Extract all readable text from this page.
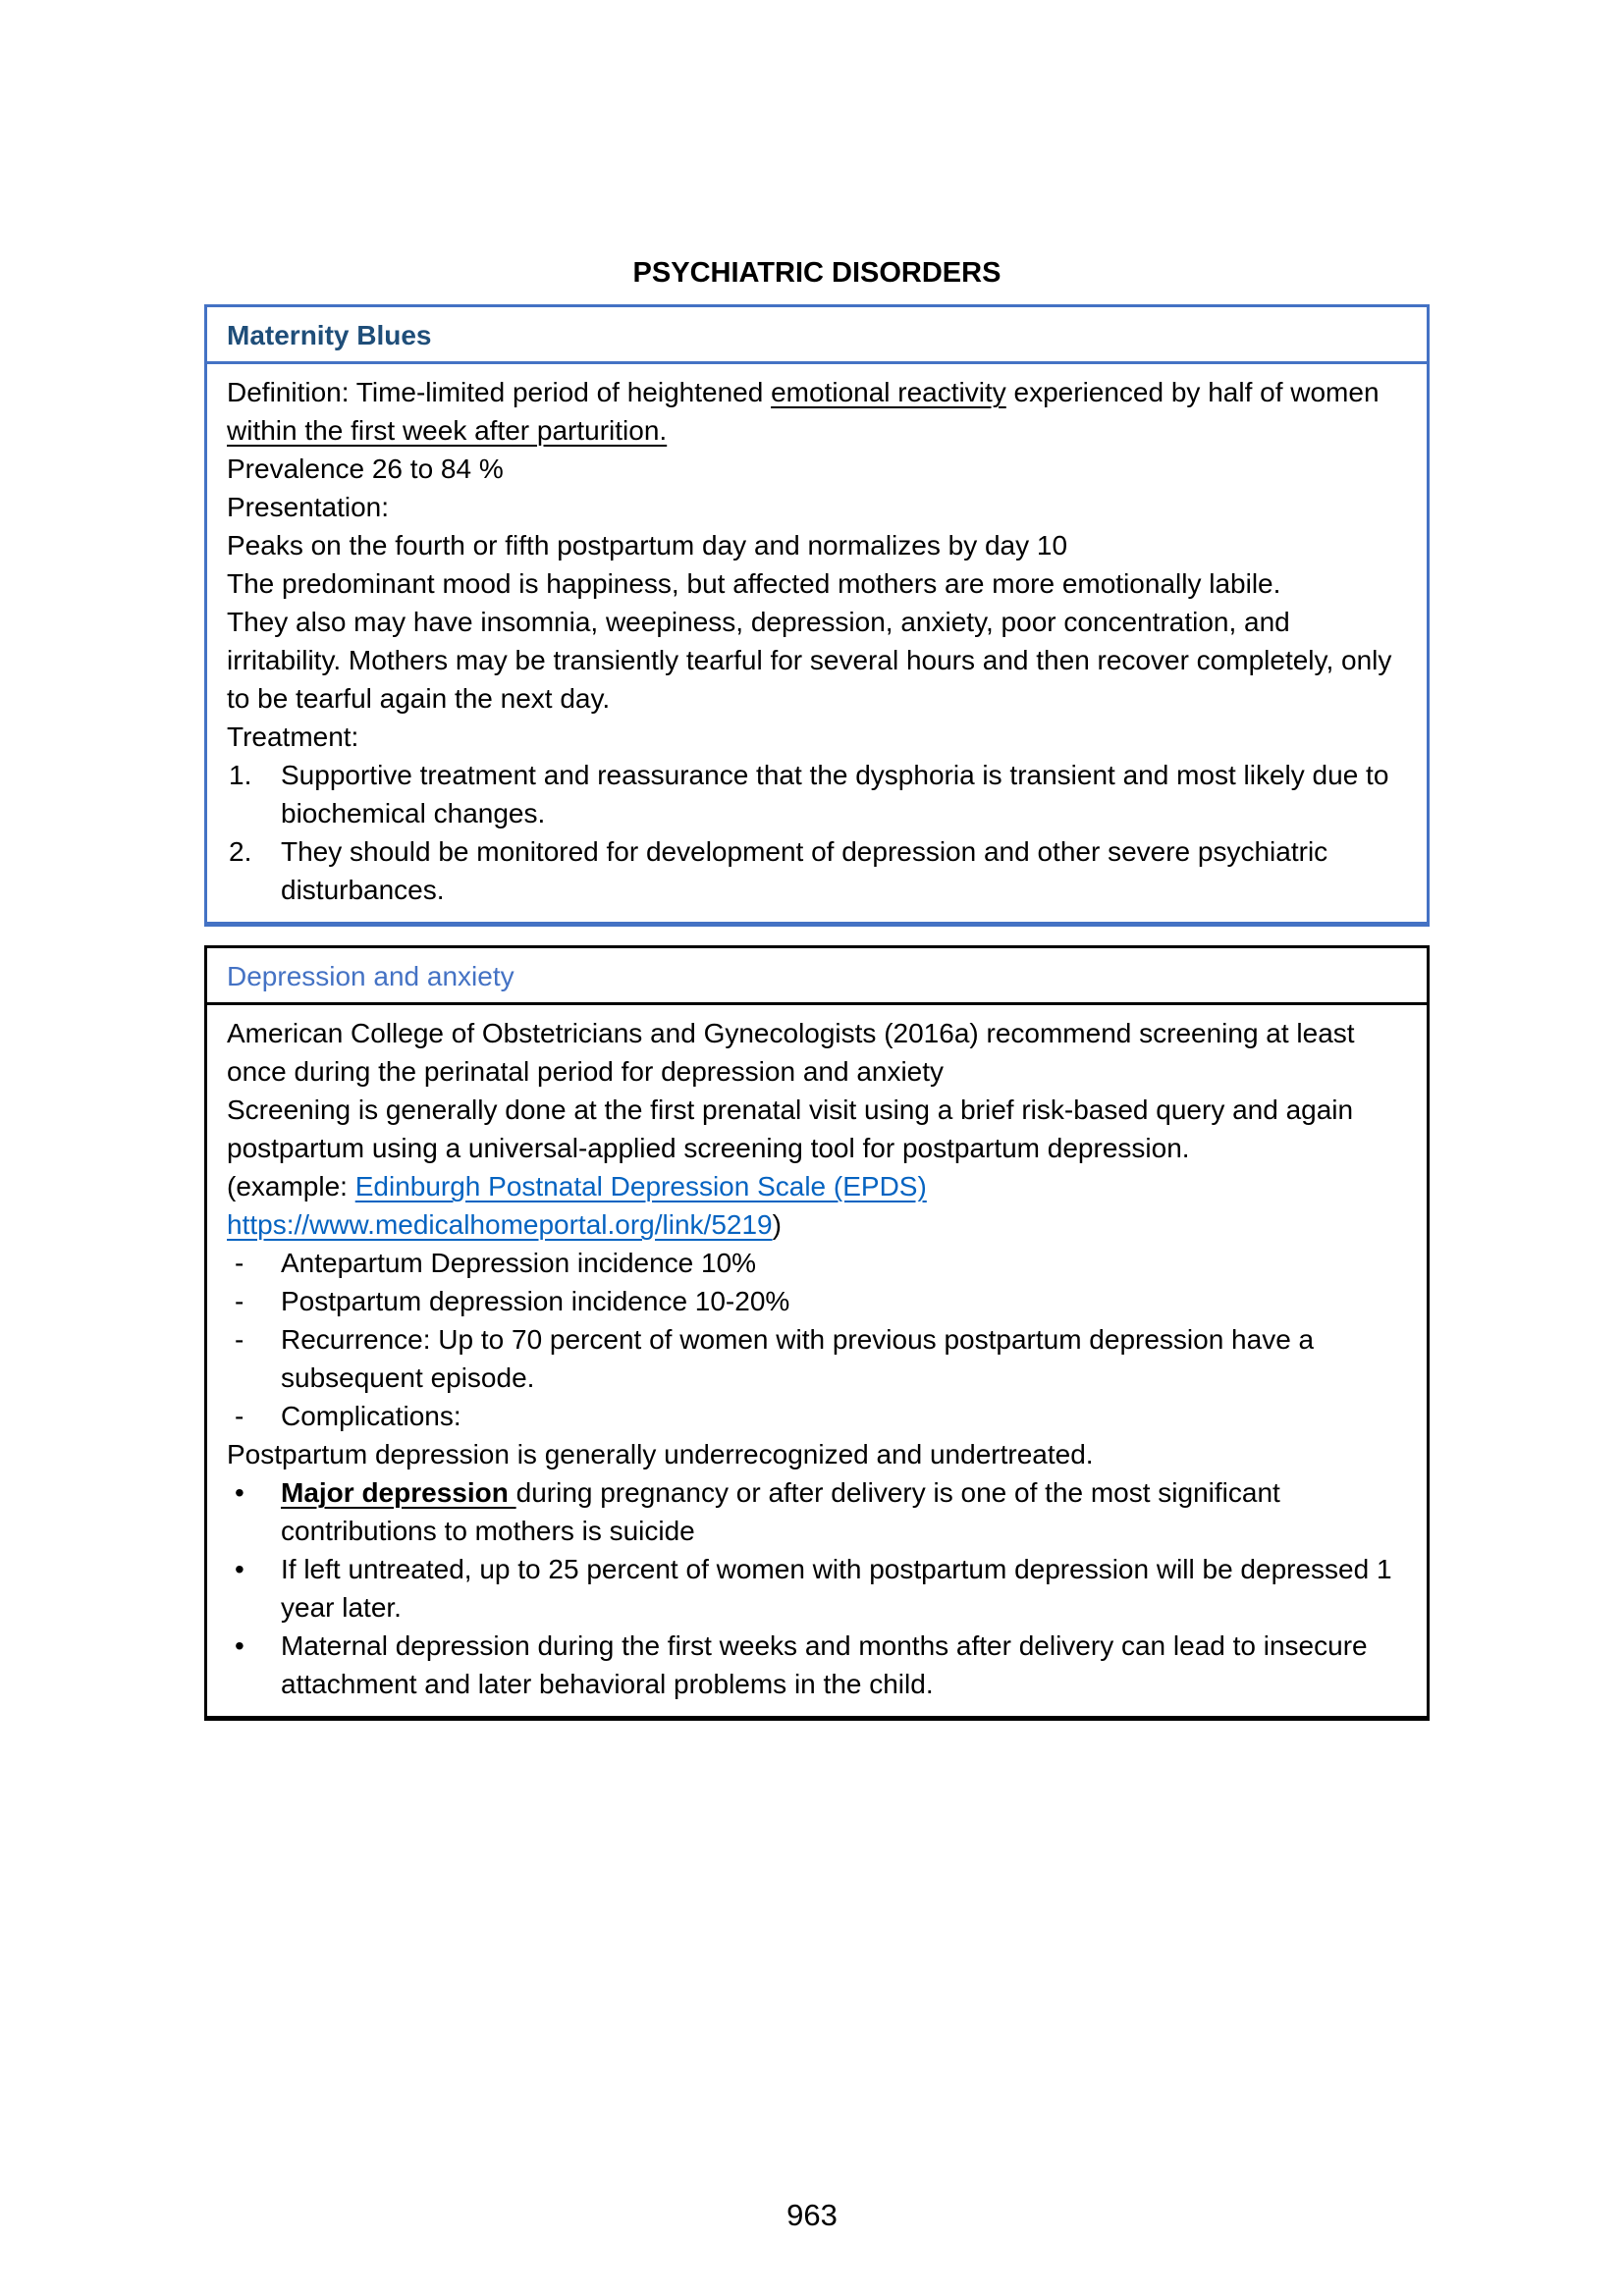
PSYCHIATRIC DISORDERS
Maternity Blues

Definition: Time-limited period of heightened emotional reactivity experienced by half of women within the first week after parturition.

Prevalence 26 to 84 %

Presentation:

Peaks on the fourth or fifth postpartum day and normalizes by day 10

The predominant mood is happiness, but affected mothers are more emotionally labile.

They also may have insomnia, weepiness, depression, anxiety, poor concentration, and irritability. Mothers may be transiently tearful for several hours and then recover completely, only to be tearful again the next day.

Treatment:

Supportive treatment and reassurance that the dysphoria is transient and most likely due to biochemical changes.
They should be monitored for development of depression and other severe psychiatric disturbances.
Depression and anxiety

American College of Obstetricians and Gynecologists (2016a) recommend screening at least once during the perinatal period for depression and anxiety

Screening is generally done at the first prenatal visit using a brief risk-based query and again postpartum using a universal-applied screening tool for postpartum depression.

(example: Edinburgh Postnatal Depression Scale (EPDS) https://www.medicalhomeportal.org/link/5219)

- Antepartum Depression incidence 10%
- Postpartum depression incidence 10-20%
- Recurrence: Up to 70 percent of women with previous postpartum depression have a subsequent episode.
- Complications:

Postpartum depression is generally underrecognized and undertreated.

• Major depression during pregnancy or after delivery is one of the most significant contributions to mothers is suicide
• If left untreated, up to 25 percent of women with postpartum depression will be depressed 1 year later.
• Maternal depression during the first weeks and months after delivery can lead to insecure attachment and later behavioral problems in the child.
963
